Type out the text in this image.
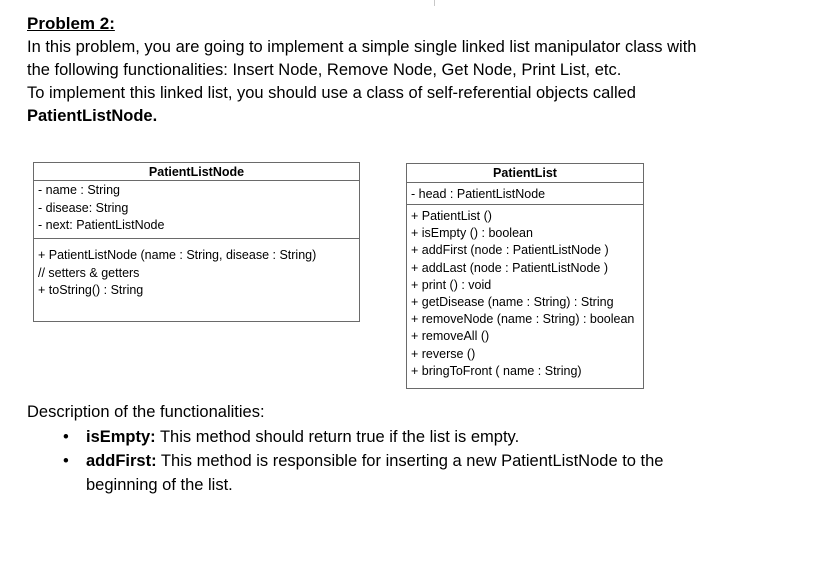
Problem 2:
In this problem, you are going to implement a simple single linked list manipulator class with
the following functionalities: Insert Node, Remove Node, Get Node, Print List, etc.
To implement this linked list, you should use a class of self-referential objects called
PatientListNode.
PatientListNode
- name : String
- disease: String
- next: PatientListNode
+ PatientListNode (name : String, disease : String)
// setters & getters
+ toString() : String
PatientList
- head : PatientListNode
+ PatientList ()
+ isEmpty () : boolean
+ addFirst (node : PatientListNode )
+ addLast (node : PatientListNode )
+ print () : void
+ getDisease (name : String) : String
+ removeNode (name : String) : boolean
+ removeAll ()
+ reverse ()
+ bringToFront ( name : String)
Description of the functionalities:
•	isEmpty: This method should return true if the list is empty.
•	addFirst: This method is responsible for inserting a new PatientListNode to the beginning of the list.
